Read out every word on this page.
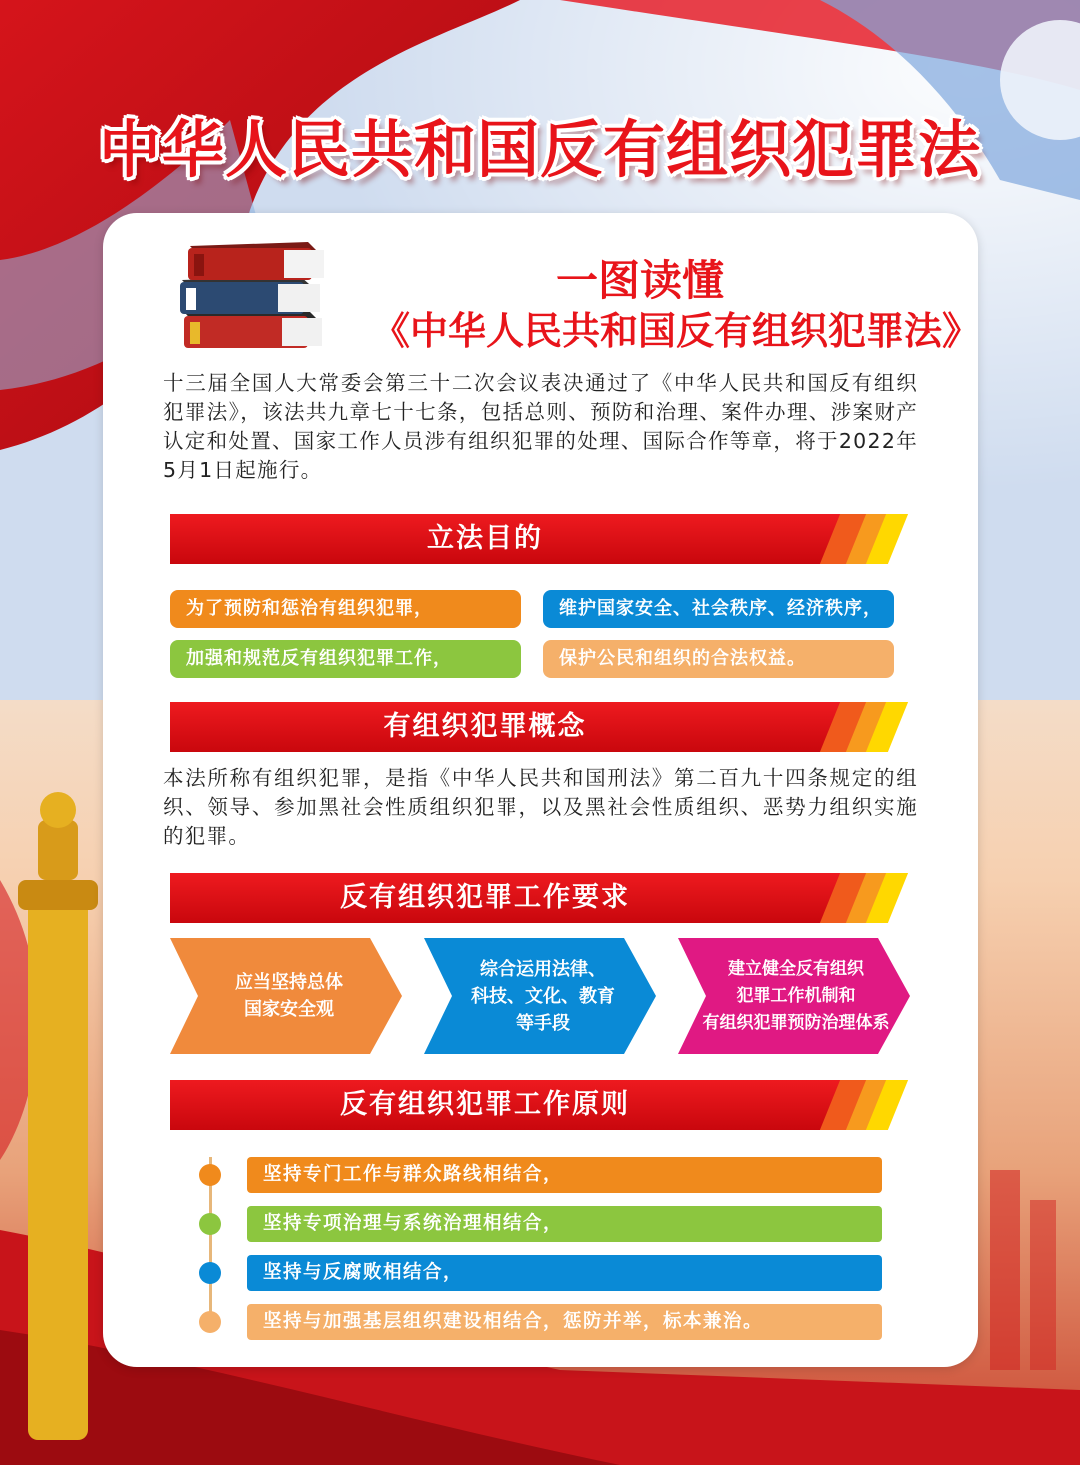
中华人民共和国反有组织犯罪法
一图读懂
《中华人民共和国反有组织犯罪法》
十三届全国人大常委会第三十二次会议表决通过了《中华人民共和国反有组织犯罪法》，该法共九章七十七条，包括总则、预防和治理、案件办理、涉案财产认定和处置、国家工作人员涉有组织犯罪的处理、国际合作等章，将于2022年5月1日起施行。
立法目的
为了预防和惩治有组织犯罪，	维护国家安全、社会秩序、经济秩序，
加强和规范反有组织犯罪工作，	保护公民和组织的合法权益。
有组织犯罪概念
本法所称有组织犯罪，是指《中华人民共和国刑法》第二百九十四条规定的组织、领导、参加黑社会性质组织犯罪，以及黑社会性质组织、恶势力组织实施的犯罪。
反有组织犯罪工作要求
应当坚持总体
国家安全观
综合运用法律、
科技、文化、教育
等手段
建立健全反有组织
犯罪工作机制和
有组织犯罪预防治理体系
反有组织犯罪工作原则
坚持专门工作与群众路线相结合，
坚持专项治理与系统治理相结合，
坚持与反腐败相结合，
坚持与加强基层组织建设相结合，惩防并举，标本兼治。
